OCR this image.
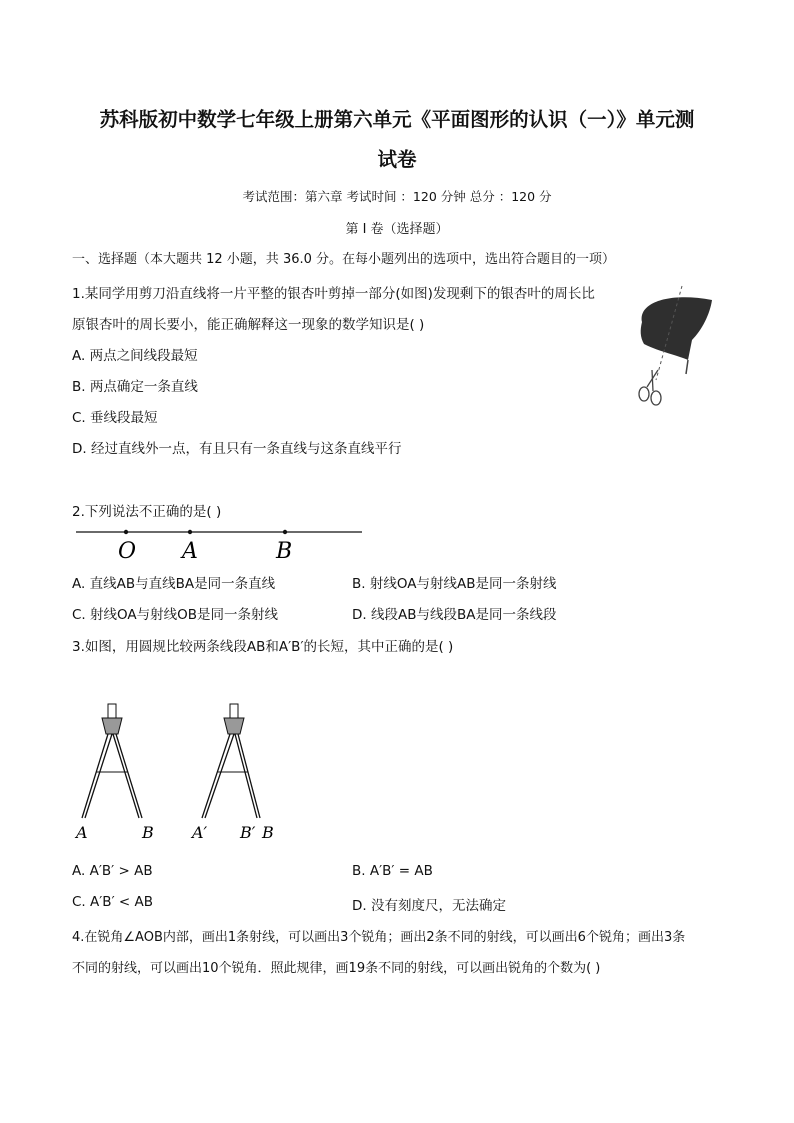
苏科版初中数学七年级上册第六单元《平面图形的认识（一）》单元测
试卷
考试范围：第六章 考试时间 ：120 分钟 总分 ：120 分
第 I 卷（选择题）
一、选择题（本大题共 12 小题，共 36.0 分。在每小题列出的选项中，选出符合题目的一项）
1.某同学用剪刀沿直线将一片平整的银杏叶剪掉一部分(如图)发现剩下的银杏叶的周长比
原银杏叶的周长要小，能正确解释这一现象的数学知识是( )
A. 两点之间线段最短
B. 两点确定一条直线
C. 垂线段最短
D. 经过直线外一点，有且只有一条直线与这条直线平行
2.下列说法不正确的是( )
O A	B
A. 直线AB与直线BA是同一条直线	B. 射线OA与射线AB是同一条射线
C. 射线OA与射线OB是同一条射线	D. 线段AB与线段BA是同一条线段
3.如图，用圆规比较两条线段AB和A′B′的长短，其中正确的是( )
A	B A′ B′ B
A. A′B′ > AB	B. A′B′ = AB
C. A′B′ < AB	D. 没有刻度尺，无法确定
4.在锐角∠AOB内部，画出1条射线，可以画出3个锐角；画出2条不同的射线，可以画出6个锐角；画出3条
不同的射线，可以画出10个锐角．照此规律，画19条不同的射线，可以画出锐角的个数为( )
